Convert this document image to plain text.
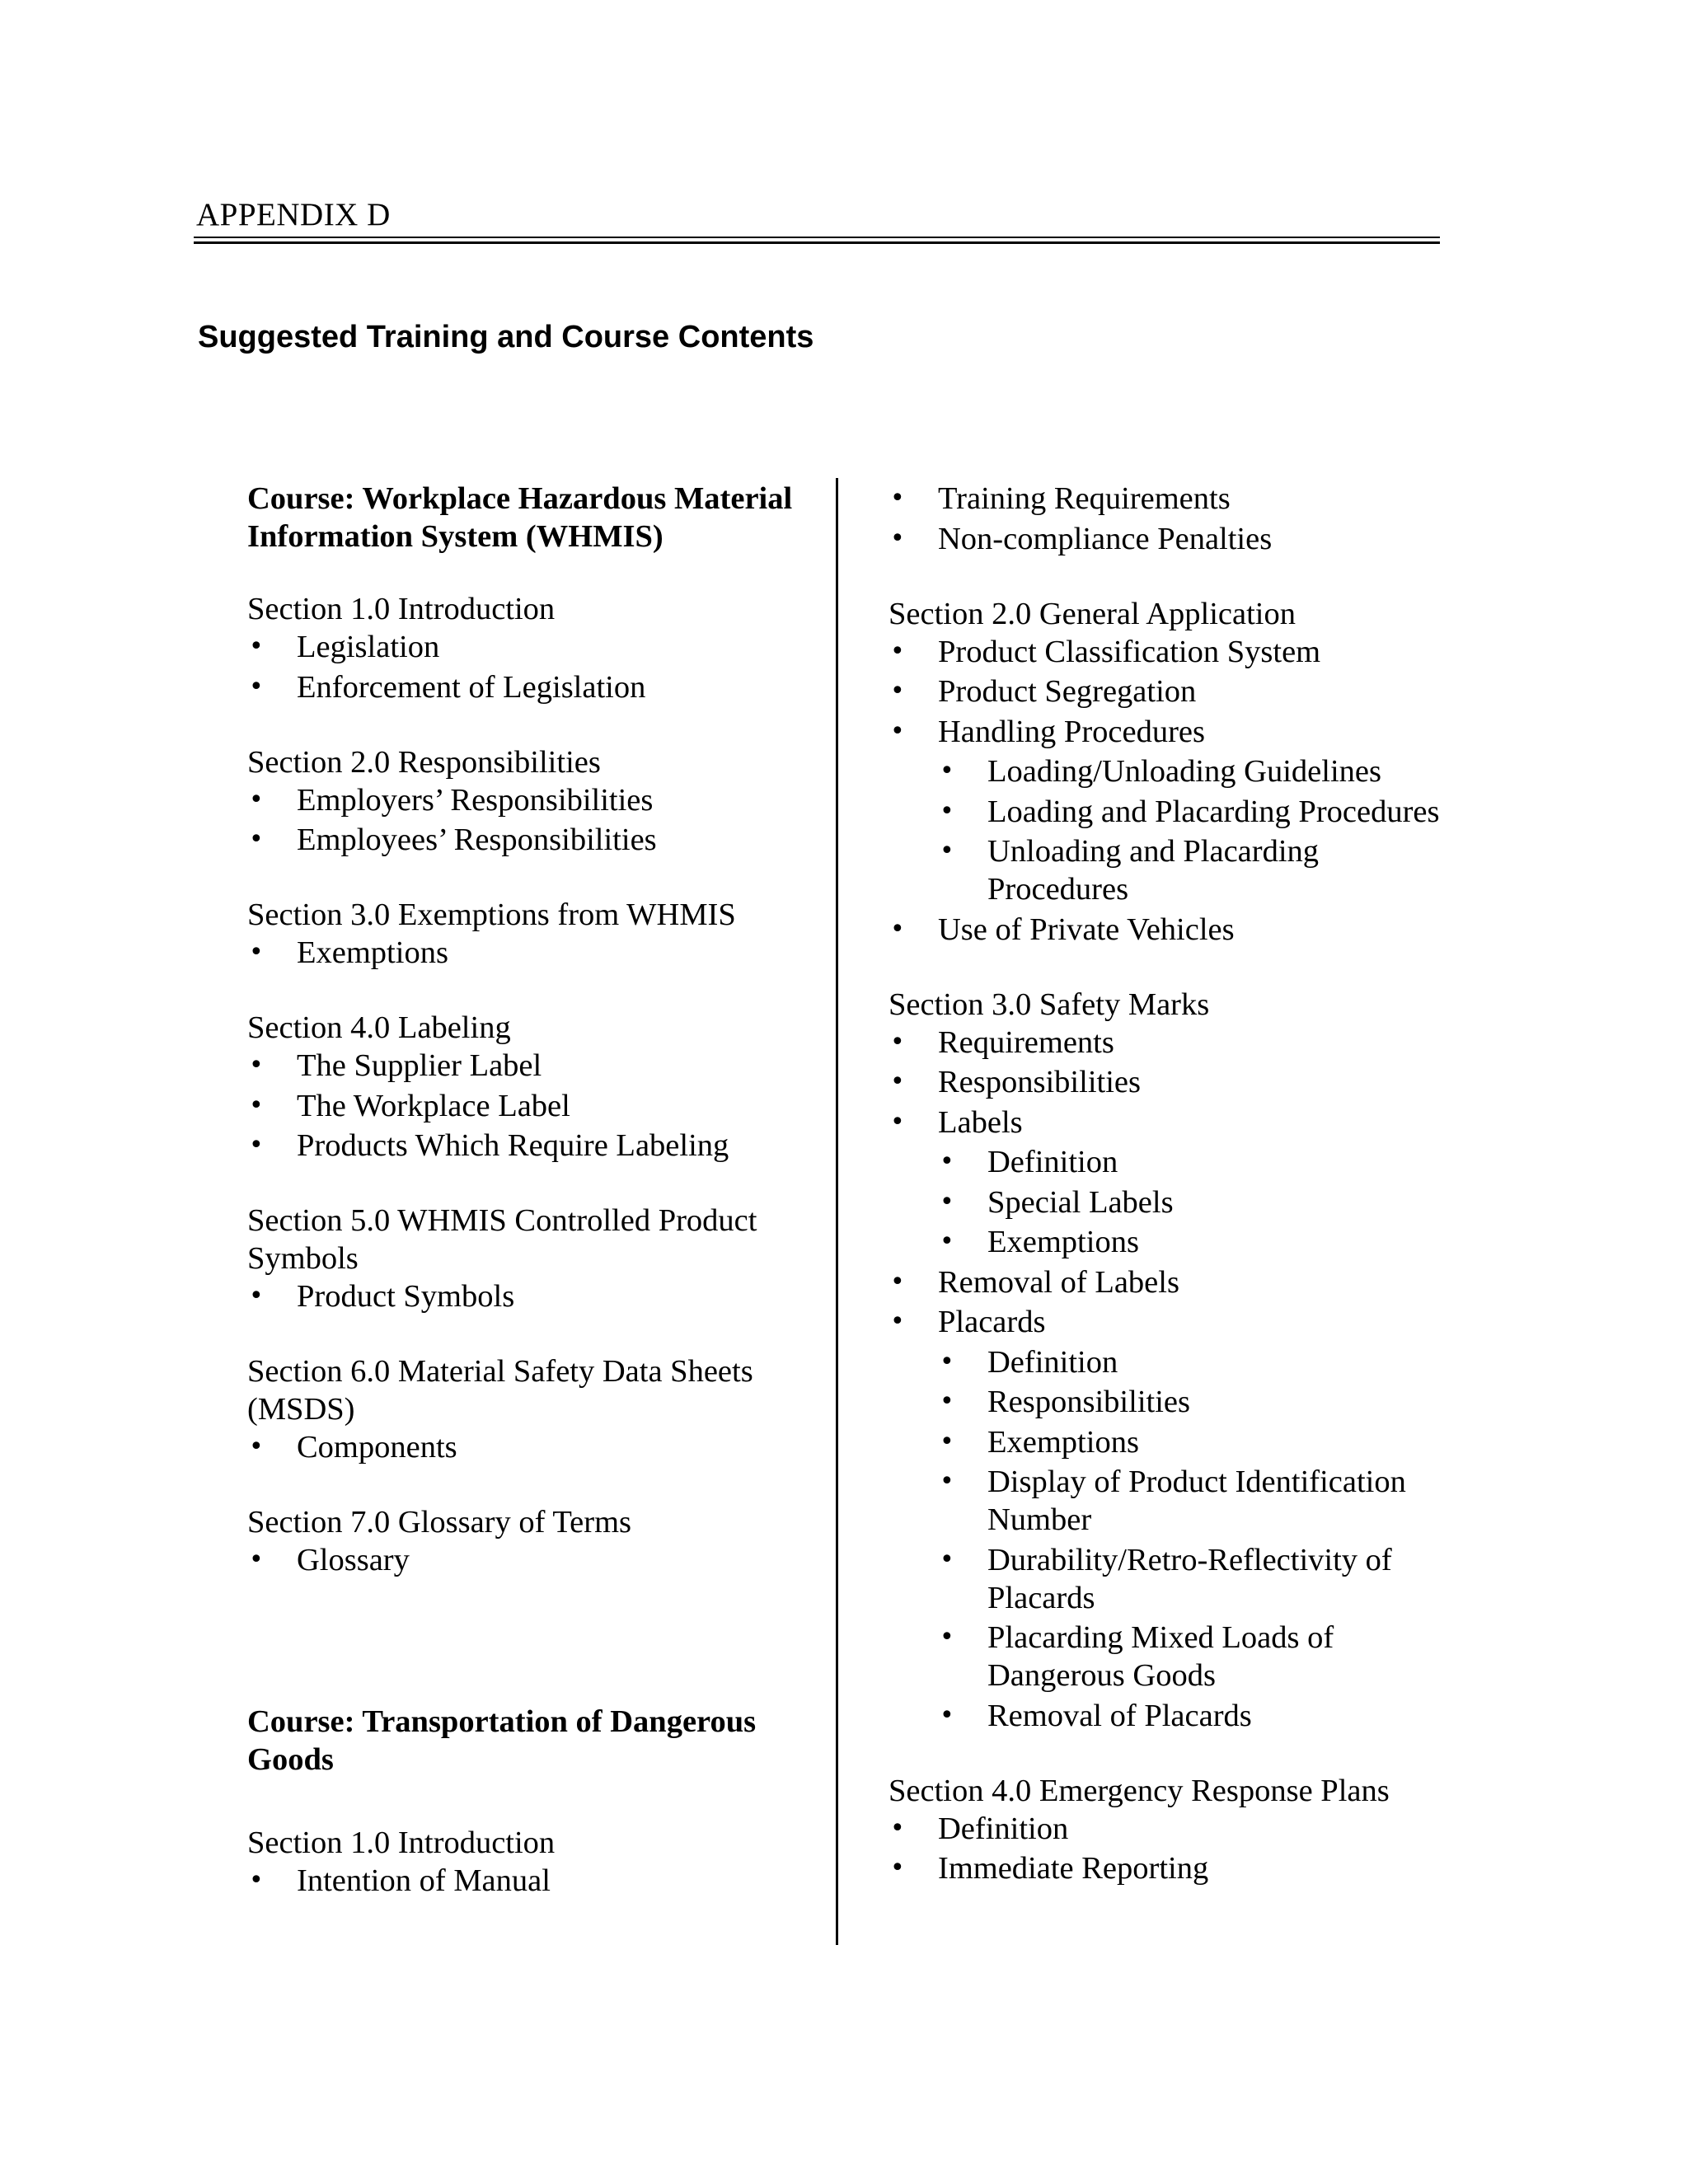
APPENDIX D
Suggested Training and Course Contents
Course: Workplace Hazardous Material Information System (WHMIS)
Section 1.0 Introduction
• Legislation
• Enforcement of Legislation
Section 2.0 Responsibilities
• Employers’ Responsibilities
• Employees’ Responsibilities
Section 3.0 Exemptions from WHMIS
• Exemptions
Section 4.0 Labeling
• The Supplier Label
• The Workplace Label
• Products Which Require Labeling
Section 5.0 WHMIS Controlled Product Symbols
• Product Symbols
Section 6.0 Material Safety Data Sheets (MSDS)
• Components
Section 7.0 Glossary of Terms
• Glossary
Course: Transportation of Dangerous Goods
Section 1.0 Introduction
• Intention of Manual
• Training Requirements
• Non-compliance Penalties
Section 2.0 General Application
• Product Classification System
• Product Segregation
• Handling Procedures
• Loading/Unloading Guidelines
• Loading and Placarding Procedures
• Unloading and Placarding Procedures
• Use of Private Vehicles
Section 3.0 Safety Marks
• Requirements
• Responsibilities
• Labels
• Definition
• Special Labels
• Exemptions
• Removal of Labels
• Placards
• Definition
• Responsibilities
• Exemptions
• Display of Product Identification Number
• Durability/Retro-Reflectivity of Placards
• Placarding Mixed Loads of Dangerous Goods
• Removal of Placards
Section 4.0 Emergency Response Plans
• Definition
• Immediate Reporting
